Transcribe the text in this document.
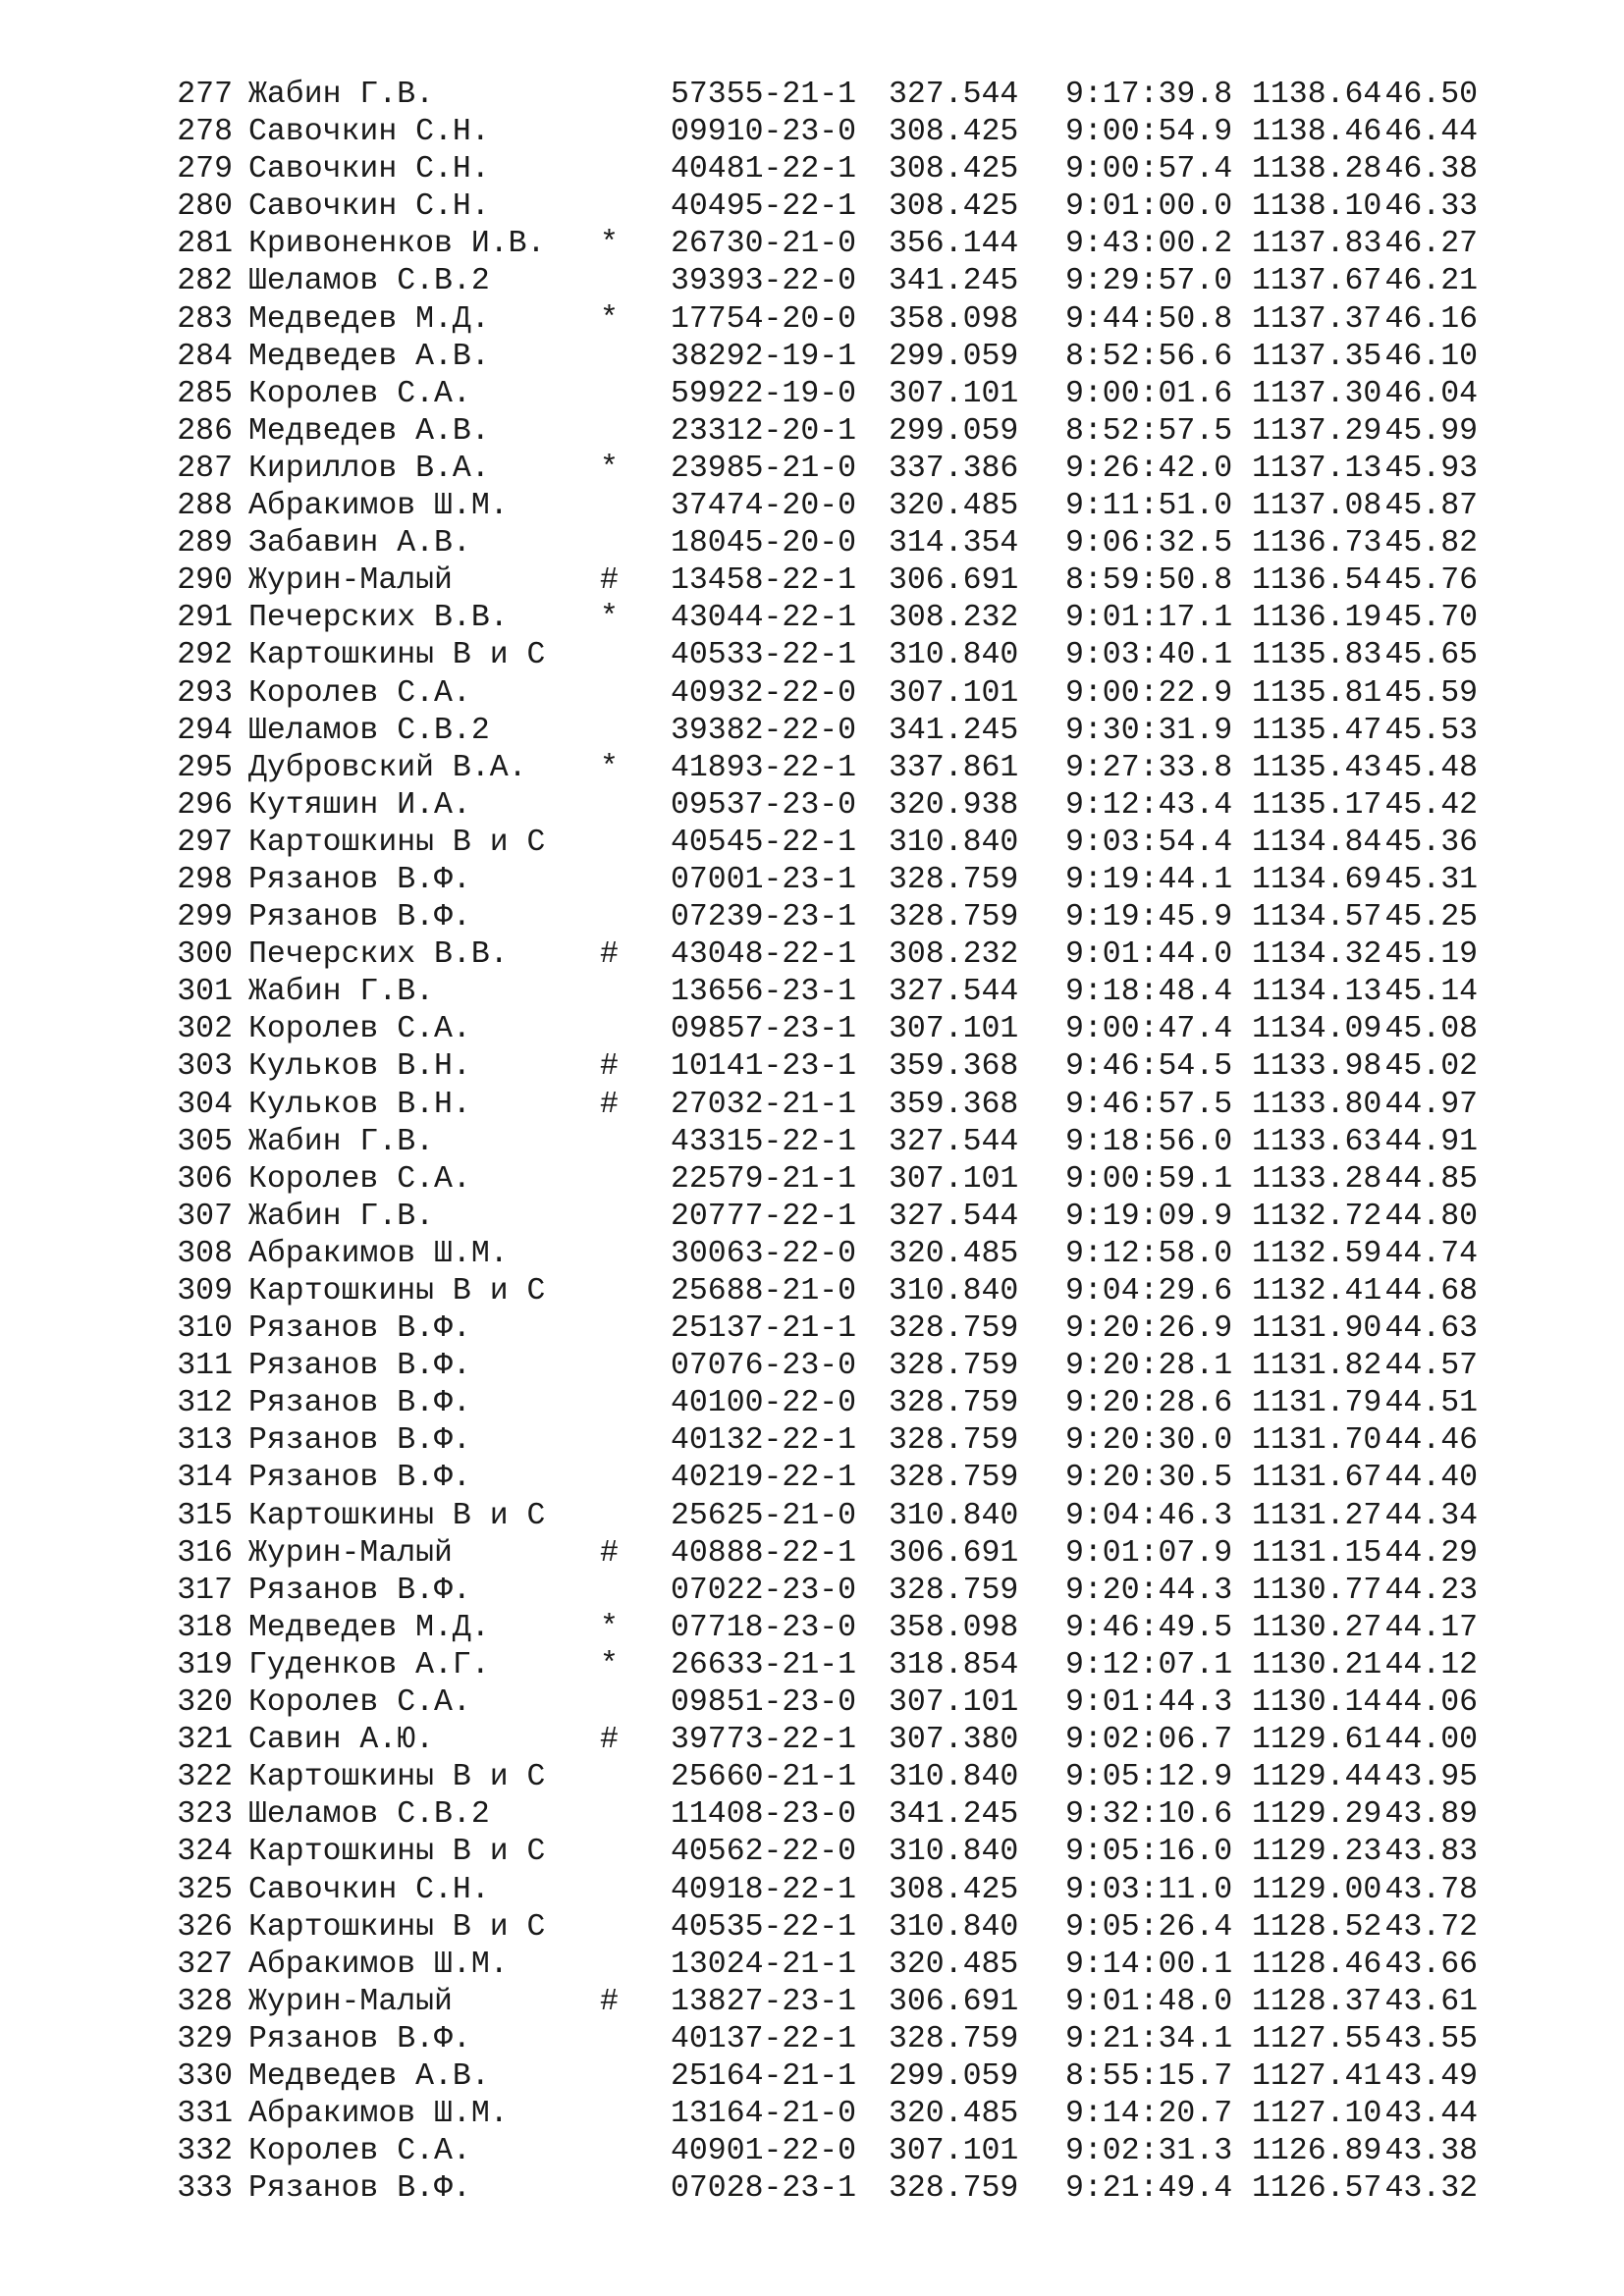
277 Жабин Г.В.	57355-21-1 327.544 9:17:39.8 1138.64 46.50
278 Савочкин С.Н.	09910-23-0 308.425 9:00:54.9 1138.46 46.44
279 Савочкин С.Н.	40481-22-1 308.425 9:00:57.4 1138.28 46.38
280 Савочкин С.Н.	40495-22-1 308.425 9:01:00.0 1138.10 46.33
281 Кривоненков И.В. * 26730-21-0 356.144 9:43:00.2 1137.83 46.27
282 Шеламов С.В.2	39393-22-0 341.245 9:29:57.0 1137.67 46.21
283 Медведев М.Д.	* 17754-20-0 358.098 9:44:50.8 1137.37 46.16
284 Медведев А.В.	38292-19-1 299.059 8:52:56.6 1137.35 46.10
285 Королев С.А.	59922-19-0 307.101 9:00:01.6 1137.30 46.04
286 Медведев А.В.	23312-20-1 299.059 8:52:57.5 1137.29 45.99
287 Кириллов В.А.	* 23985-21-0 337.386 9:26:42.0 1137.13 45.93
288 Абракимов Ш.М.	37474-20-0 320.485 9:11:51.0 1137.08 45.87
289 Забавин А.В.	18045-20-0 314.354 9:06:32.5 1136.73 45.82
290 Журин-Малый	# 13458-22-1 306.691 8:59:50.8 1136.54 45.76
291 Печерских В.В.	* 43044-22-1 308.232 9:01:17.1 1136.19 45.70
292 Картошкины В и С	40533-22-1 310.840 9:03:40.1 1135.83 45.65
293 Королев С.А.	40932-22-0 307.101 9:00:22.9 1135.81 45.59
294 Шеламов С.В.2	39382-22-0 341.245 9:30:31.9 1135.47 45.53
295 Дубровский В.А. * 41893-22-1 337.861 9:27:33.8 1135.43 45.48
296 Кутяшин И.А.	09537-23-0 320.938 9:12:43.4 1135.17 45.42
297 Картошкины В и С	40545-22-1 310.840 9:03:54.4 1134.84 45.36
298 Рязанов В.Ф.	07001-23-1 328.759 9:19:44.1 1134.69 45.31
299 Рязанов В.Ф.	07239-23-1 328.759 9:19:45.9 1134.57 45.25
300 Печерских В.В.	# 43048-22-1 308.232 9:01:44.0 1134.32 45.19
301 Жабин Г.В.	13656-23-1 327.544 9:18:48.4 1134.13 45.14
302 Королев С.А.	09857-23-1 307.101 9:00:47.4 1134.09 45.08
303 Кульков В.Н.	# 10141-23-1 359.368 9:46:54.5 1133.98 45.02
304 Кульков В.Н.	# 27032-21-1 359.368 9:46:57.5 1133.80 44.97
305 Жабин Г.В.	43315-22-1 327.544 9:18:56.0 1133.63 44.91
306 Королев С.А.	22579-21-1 307.101 9:00:59.1 1133.28 44.85
307 Жабин Г.В.	20777-22-1 327.544 9:19:09.9 1132.72 44.80
308 Абракимов Ш.М.	30063-22-0 320.485 9:12:58.0 1132.59 44.74
309 Картошкины В и С	25688-21-0 310.840 9:04:29.6 1132.41 44.68
310 Рязанов В.Ф.	25137-21-1 328.759 9:20:26.9 1131.90 44.63
311 Рязанов В.Ф.	07076-23-0 328.759 9:20:28.1 1131.82 44.57
312 Рязанов В.Ф.	40100-22-0 328.759 9:20:28.6 1131.79 44.51
313 Рязанов В.Ф.	40132-22-1 328.759 9:20:30.0 1131.70 44.46
314 Рязанов В.Ф.	40219-22-1 328.759 9:20:30.5 1131.67 44.40
315 Картошкины В и С	25625-21-0 310.840 9:04:46.3 1131.27 44.34
316 Журин-Малый	# 40888-22-1 306.691 9:01:07.9 1131.15 44.29
317 Рязанов В.Ф.	07022-23-0 328.759 9:20:44.3 1130.77 44.23
318 Медведев М.Д.	* 07718-23-0 358.098 9:46:49.5 1130.27 44.17
319 Гуденков А.Г.	* 26633-21-1 318.854 9:12:07.1 1130.21 44.12
320 Королев С.А.	09851-23-0 307.101 9:01:44.3 1130.14 44.06
321 Савин А.Ю.	# 39773-22-1 307.380 9:02:06.7 1129.61 44.00
322 Картошкины В и С	25660-21-1 310.840 9:05:12.9 1129.44 43.95
323 Шеламов С.В.2	11408-23-0 341.245 9:32:10.6 1129.29 43.89
324 Картошкины В и С	40562-22-0 310.840 9:05:16.0 1129.23 43.83
325 Савочкин С.Н.	40918-22-1 308.425 9:03:11.0 1129.00 43.78
326 Картошкины В и С	40535-22-1 310.840 9:05:26.4 1128.52 43.72
327 Абракимов Ш.М.	13024-21-1 320.485 9:14:00.1 1128.46 43.66
328 Журин-Малый	# 13827-23-1 306.691 9:01:48.0 1128.37 43.61
329 Рязанов В.Ф.	40137-22-1 328.759 9:21:34.1 1127.55 43.55
330 Медведев А.В.	25164-21-1 299.059 8:55:15.7 1127.41 43.49
331 Абракимов Ш.М.	13164-21-0 320.485 9:14:20.7 1127.10 43.44
332 Королев С.А.	40901-22-0 307.101 9:02:31.3 1126.89 43.38
333 Рязанов В.Ф.	07028-23-1 328.759 9:21:49.4 1126.57 43.32
